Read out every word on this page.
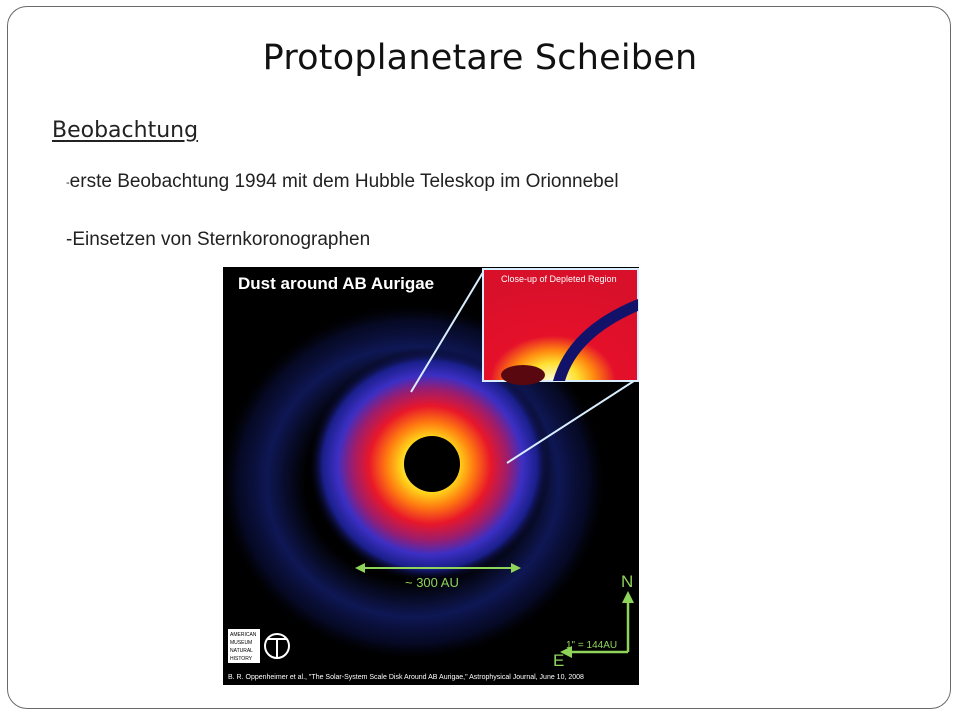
Protoplanetare Scheiben
Beobachtung
-erste Beobachtung 1994 mit dem Hubble Teleskop im Orionnebel
-Einsetzen von Sternkoronographen
Dust around AB Aurigae	Close-up of Depleted Region
~ 300 AU	N
E
1" = 144AU
AMERICAN
MUSEUM
NATURAL
HISTORY
B. R. Oppenheimer et al., "The Solar-System Scale Disk Around AB Aurigae," Astrophysical Journal, June 10, 2008
